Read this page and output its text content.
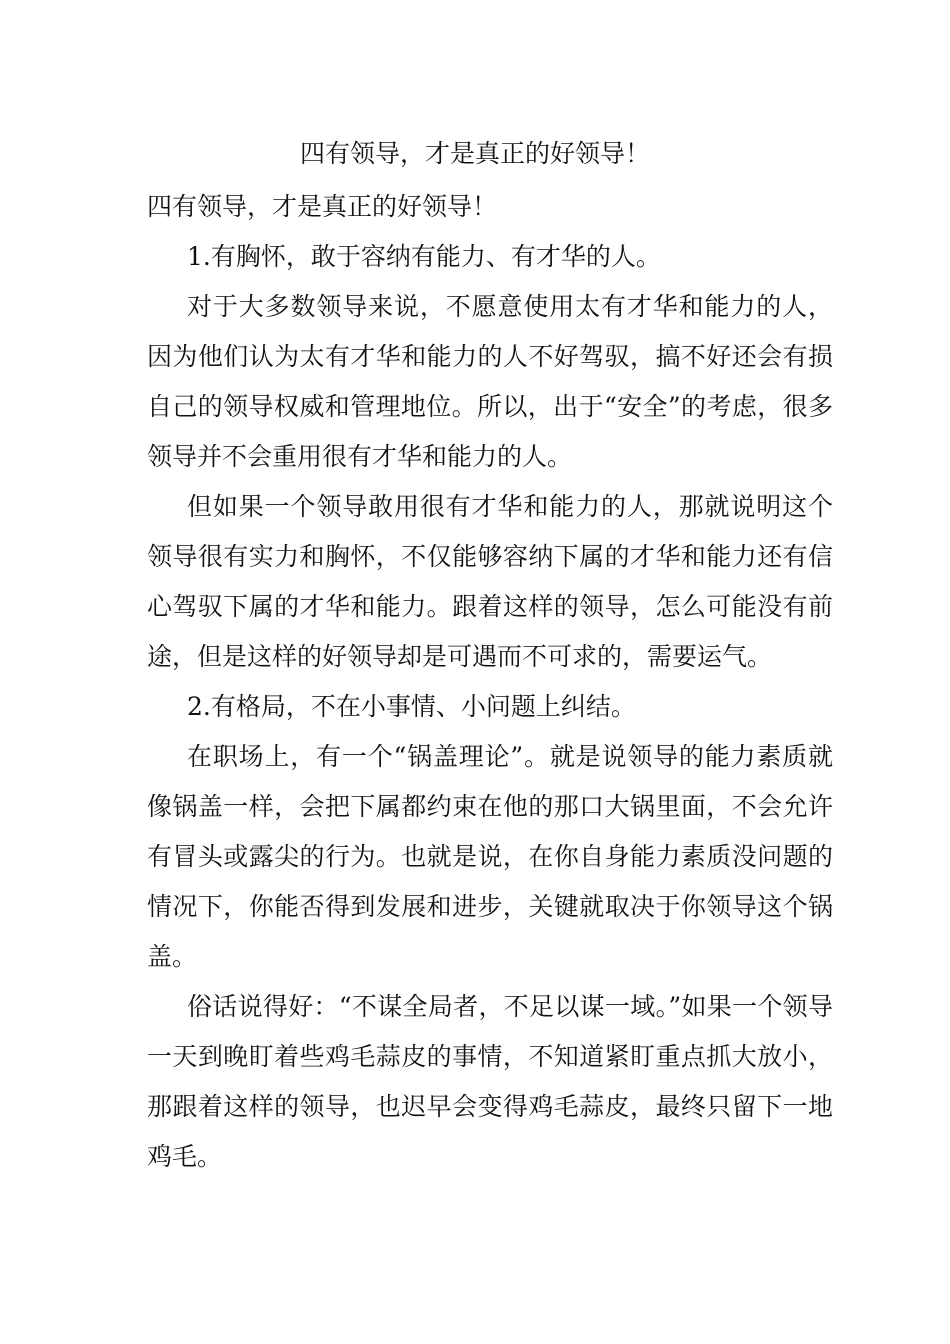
四有领导，才是真正的好领导！

四有领导，才是真正的好领导！

1.有胸怀，敢于容纳有能力、有才华的人。

对于大多数领导来说，不愿意使用太有才华和能力的人，因为他们认为太有才华和能力的人不好驾驭，搞不好还会有损自己的领导权威和管理地位。所以，出于“安全”的考虑，很多领导并不会重用很有才华和能力的人。

但如果一个领导敢用很有才华和能力的人，那就说明这个领导很有实力和胸怀，不仅能够容纳下属的才华和能力还有信心驾驭下属的才华和能力。跟着这样的领导，怎么可能没有前途，但是这样的好领导却是可遇而不可求的，需要运气。

2.有格局，不在小事情、小问题上纠结。

在职场上，有一个“锅盖理论”。就是说领导的能力素质就像锅盖一样，会把下属都约束在他的那口大锅里面，不会允许有冒头或露尖的行为。也就是说，在你自身能力素质没问题的情况下，你能否得到发展和进步，关键就取决于你领导这个锅盖。

俗话说得好：“不谋全局者，不足以谋一域。”如果一个领导一天到晚盯着些鸡毛蒜皮的事情，不知道紧盯重点抓大放小，那跟着这样的领导，也迟早会变得鸡毛蒜皮，最终只留下一地鸡毛。
